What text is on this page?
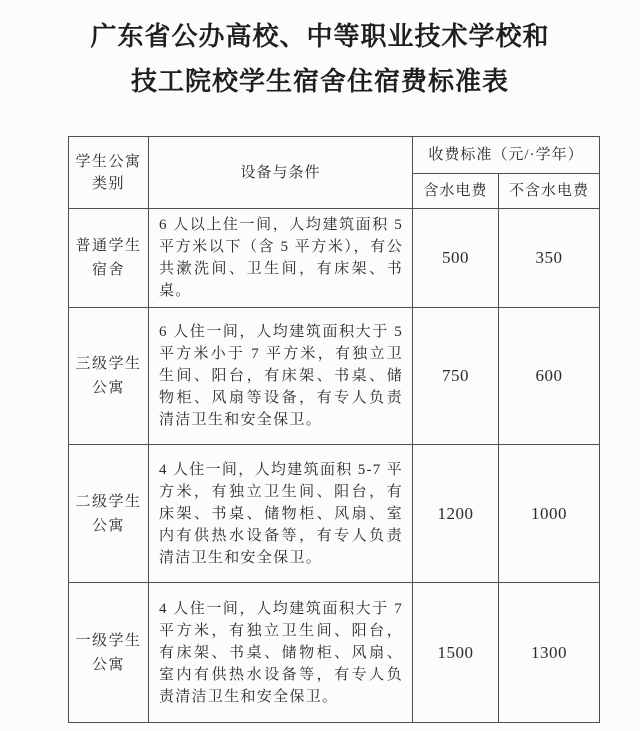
广东省公办高校、中等职业技术学校和
技工院校学生宿舍住宿费标准表
学生公寓类别	设备与条件	收费标准（元/·学年）	
		含水电费	不含水电费
普通学生宿舍	6 人以上住一间，人均建筑面积 5 平方米以下（含 5 平方米），有公共漱洗间、卫生间，有床架、书桌。	500	350
三级学生公寓	6 人住一间，人均建筑面积大于 5 平方米小于 7 平方米，有独立卫生间、阳台，有床架、书桌、储物柜、风扇等设备，有专人负责清洁卫生和安全保卫。	750	600
二级学生公寓	4 人住一间，人均建筑面积 5-7 平方米，有独立卫生间、阳台，有床架、书桌、储物柜、风扇、室内有供热水设备等，有专人负责清洁卫生和安全保卫。	1200	1000
一级学生公寓	4 人住一间，人均建筑面积大于 7 平方米，有独立卫生间、阳台，有床架、书桌、储物柜、风扇、室内有供热水设备等，有专人负责清洁卫生和安全保卫。	1500	1300
